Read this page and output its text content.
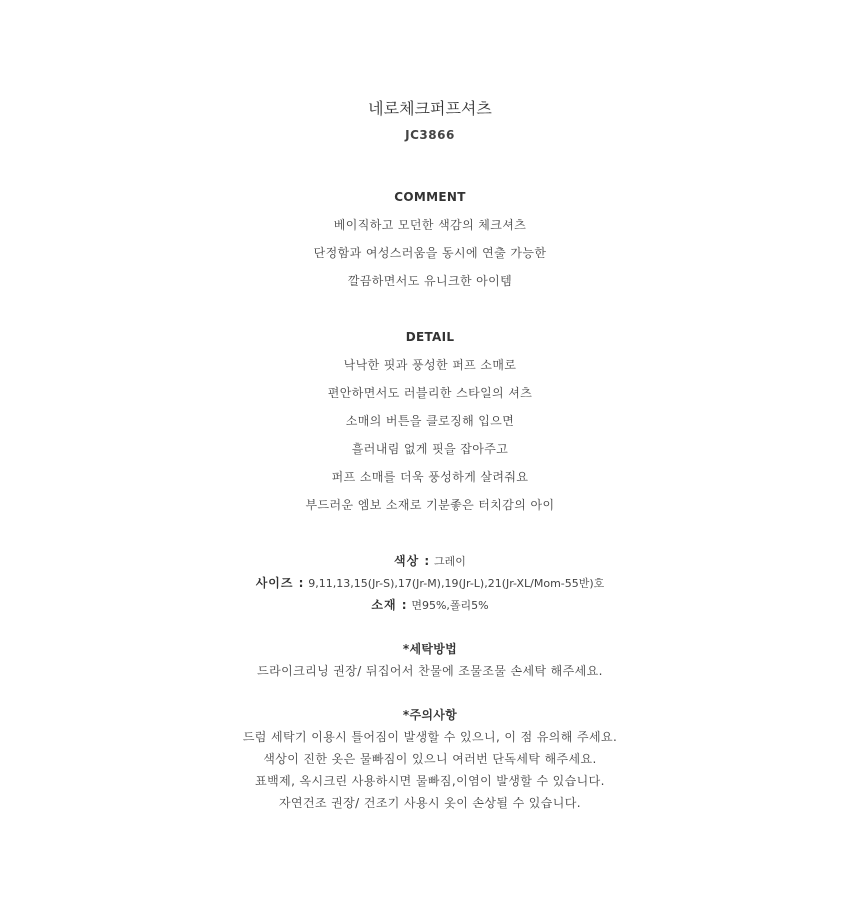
네로체크퍼프셔츠
JC3866
COMMENT
베이직하고 모던한 색감의 체크셔츠
단정함과 여성스러움을 동시에 연출 가능한
깔끔하면서도 유니크한 아이템
DETAIL
낙낙한 핏과 풍성한 퍼프 소매로
편안하면서도 러블리한 스타일의 셔츠
소매의 버튼을 클로징해 입으면
흘러내림 없게 핏을 잡아주고
퍼프 소매를 더욱 풍성하게 살려줘요
부드러운 엠보 소재로 기분좋은 터치감의 아이
색상 : 그레이
사이즈 : 9,11,13,15(Jr-S),17(Jr-M),19(Jr-L),21(Jr-XL/Mom-55반)호
소재 : 면95%,폴리5%
*세탁방법
드라이크리닝 권장/ 뒤집어서 찬물에 조물조물 손세탁 해주세요.
*주의사항
드럼 세탁기 이용시 틀어짐이 발생할 수 있으니, 이 점 유의해 주세요.
색상이 진한 옷은 물빠짐이 있으니 여러번 단독세탁 해주세요.
표백제, 옥시크린 사용하시면 물빠짐,이염이 발생할 수 있습니다.
자연건조 권장/ 건조기 사용시 옷이 손상될 수 있습니다.
